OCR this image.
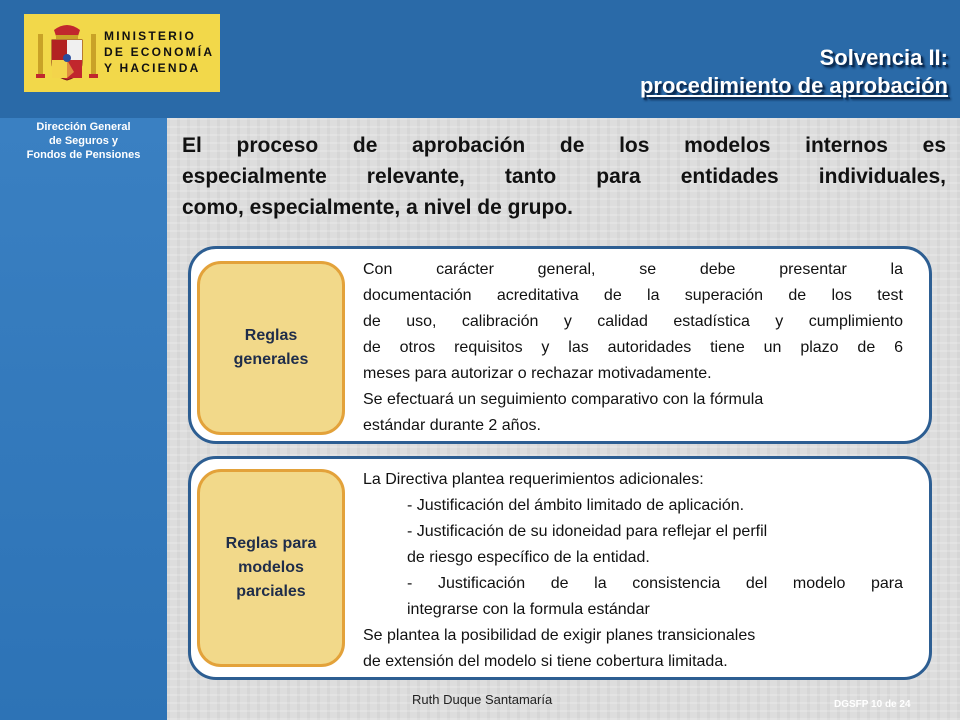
Dirección General
de Seguros y
Fondos de Pensiones
MINISTERIO
DE ECONOMÍA
Y HACIENDA	Solvencia II:
procedimiento de aprobación
El proceso de aprobación de los modelos internos es
especialmente relevante, tanto para entidades individuales,
como, especialmente, a nivel de grupo.
Reglas
generales

Con carácter general, se debe presentar la

documentación acreditativa de la superación de los test

de uso, calibración y calidad estadística y cumplimiento

de otros requisitos y las autoridades tiene un plazo de 6

meses para autorizar o rechazar motivadamente.

Se efectuará un seguimiento comparativo con la fórmula

estándar durante 2 años.

Reglas para
modelos
parciales

La Directiva plantea requerimientos adicionales:

- Justificación del ámbito limitado de aplicación.

- Justificación de su idoneidad para reflejar el perfil

de riesgo específico de la entidad.

- Justificación de la consistencia del modelo para

integrarse con la formula estándar

Se plantea la posibilidad de exigir planes transicionales

de extensión del modelo si tiene cobertura limitada.

Ruth Duque Santamaría	DGSFP 10 de 24
